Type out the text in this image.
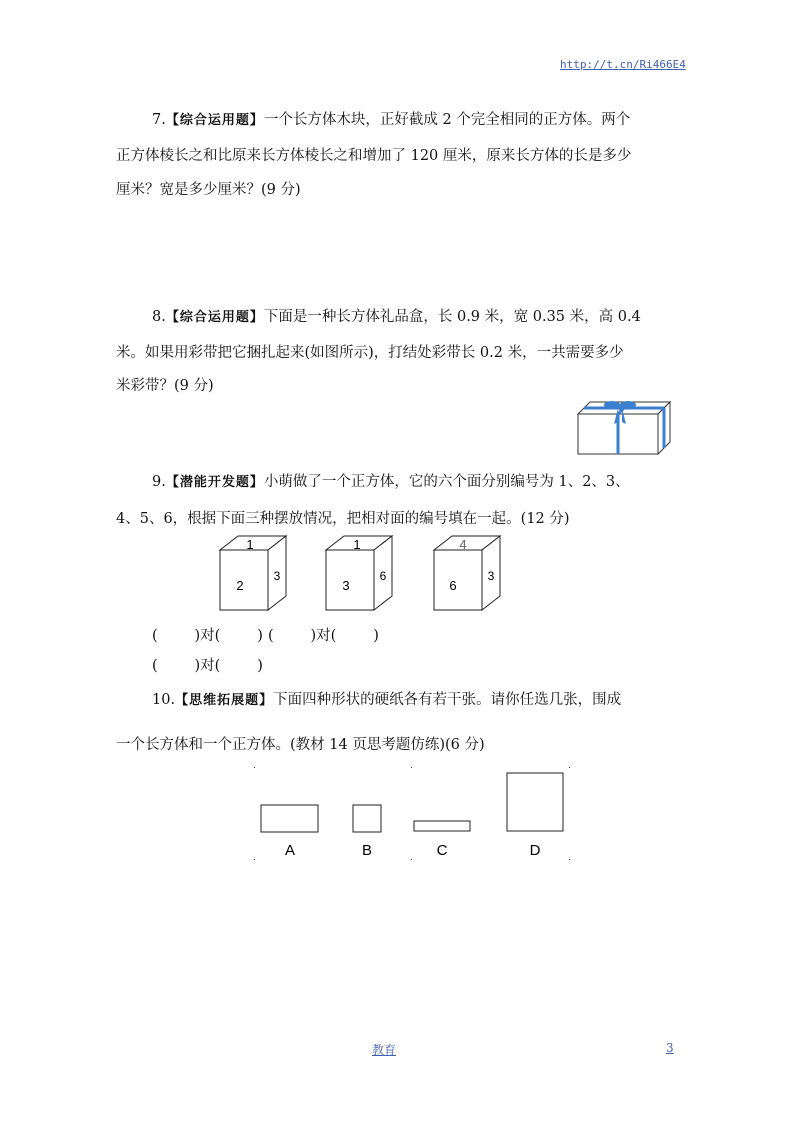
http://t.cn/Ri466E4
7.【综合运用题】一个长方体木块，正好截成 2 个完全相同的正方体。两个
正方体棱长之和比原来长方体棱长之和增加了 120 厘米，原来长方体的长是多少
厘米？宽是多少厘米？(9 分)
8.【综合运用题】下面是一种长方体礼品盒，长 0.9 米，宽 0.35 米，高 0.4
米。如果用彩带把它捆扎起来(如图所示)，打结处彩带长 0.2 米，一共需要多少
米彩带？(9 分)
9.【潜能开发题】小萌做了一个正方体，它的六个面分别编号为 1、2、3、
4、5、6，根据下面三种摆放情况，把相对面的编号填在一起。(12 分)
1
2
3
1
3
6
4
6
3
(        )对(        ) (        )对(        )
(        )对(        )
10.【思维拓展题】下面四种形状的硬纸各有若干张。请你任选几张，围成
一个长方体和一个正方体。(教材 14 页思考题仿练)(6 分)
A	B	C	D
教育	3
